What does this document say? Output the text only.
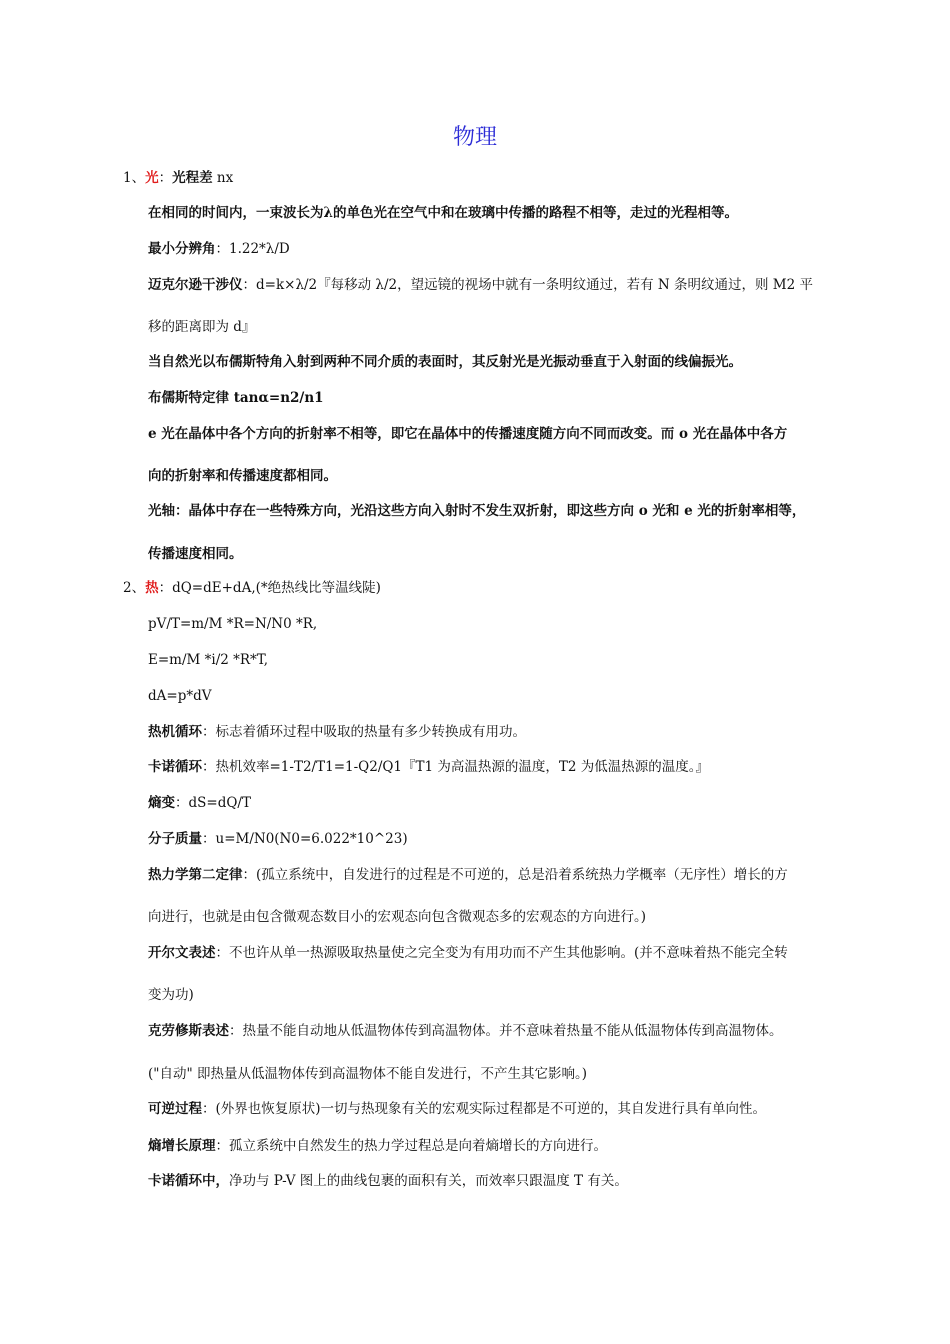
物理
1、光：光程差 nx
在相同的时间内，一束波长为λ的单色光在空气中和在玻璃中传播的路程不相等，走过的光程相等。
最小分辨角：1.22*λ/D
迈克尔逊干涉仪：d=k×λ/2『每移动 λ/2，望远镜的视场中就有一条明纹通过，若有 N 条明纹通过，则 M2 平
移的距离即为 d』
当自然光以布儒斯特角入射到两种不同介质的表面时，其反射光是光振动垂直于入射面的线偏振光。
布儒斯特定律 tanα=n2/n1
e 光在晶体中各个方向的折射率不相等，即它在晶体中的传播速度随方向不同而改变。而 o 光在晶体中各方
向的折射率和传播速度都相同。
光轴：晶体中存在一些特殊方向，光沿这些方向入射时不发生双折射，即这些方向 o 光和 e 光的折射率相等，
传播速度相同。
2、热：dQ=dE+dA,(*绝热线比等温线陡)
pV/T=m/M *R=N/N0 *R,
E=m/M *i/2 *R*T,
dA=p*dV
热机循环：标志着循环过程中吸取的热量有多少转换成有用功。
卡诺循环：热机效率=1-T2/T1=1-Q2/Q1『T1 为高温热源的温度，T2 为低温热源的温度。』
熵变：dS=dQ/T
分子质量：u=M/N0(N0=6.022*10^23)
热力学第二定律：(孤立系统中，自发进行的过程是不可逆的，总是沿着系统热力学概率（无序性）增长的方
向进行，也就是由包含微观态数目小的宏观态向包含微观态多的宏观态的方向进行。)
开尔文表述：不也许从单一热源吸取热量使之完全变为有用功而不产生其他影响。(并不意味着热不能完全转
变为功)
克劳修斯表述：热量不能自动地从低温物体传到高温物体。并不意味着热量不能从低温物体传到高温物体。
("自动" 即热量从低温物体传到高温物体不能自发进行，不产生其它影响。)
可逆过程：(外界也恢复原状)一切与热现象有关的宏观实际过程都是不可逆的，其自发进行具有单向性。
熵增长原理：孤立系统中自然发生的热力学过程总是向着熵增长的方向进行。
卡诺循环中，净功与 P-V 图上的曲线包裹的面积有关，而效率只跟温度 T 有关。
